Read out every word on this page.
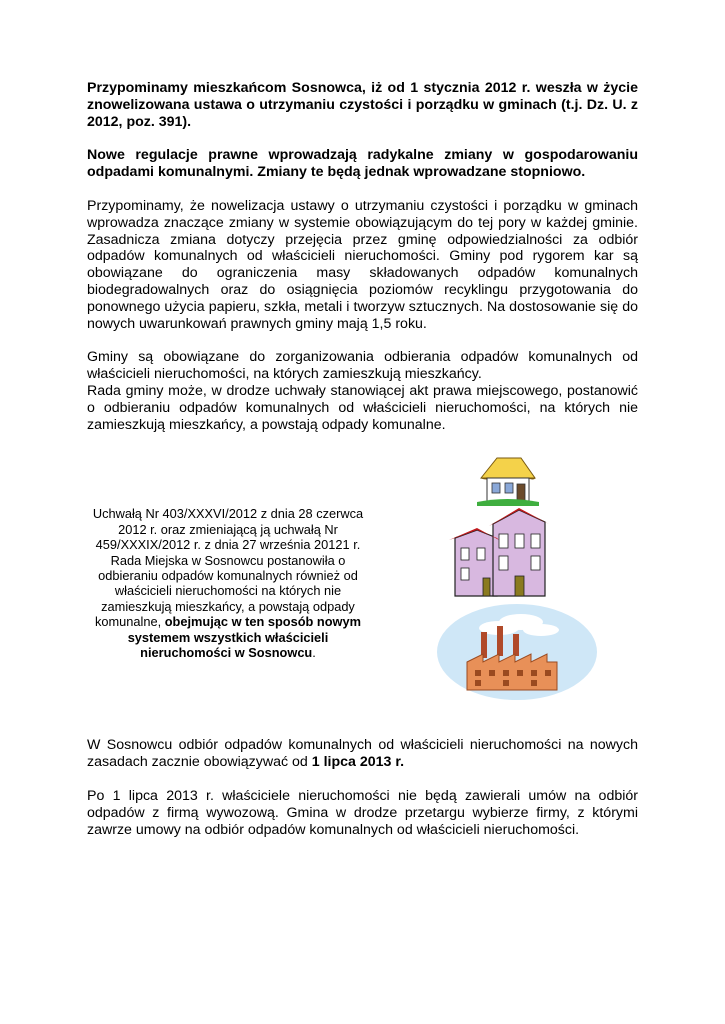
Przypominamy mieszkańcom Sosnowca, iż od 1 stycznia 2012 r. weszła w życie znowelizowana ustawa o utrzymaniu czystości i porządku w gminach (t.j. Dz. U. z 2012, poz. 391).

Nowe regulacje prawne wprowadzają radykalne zmiany w gospodarowaniu odpadami komunalnymi. Zmiany te będą jednak wprowadzane stopniowo.

Przypominamy, że nowelizacja ustawy o utrzymaniu czystości i porządku w gminach wprowadza znaczące zmiany w systemie obowiązującym do tej pory w każdej gminie. Zasadnicza zmiana dotyczy przejęcia przez gminę odpowiedzialności za odbiór odpadów komunalnych od właścicieli nieruchomości. Gminy pod rygorem kar są obowiązane do ograniczenia masy składowanych odpadów komunalnych biodegradowalnych oraz do osiągnięcia poziomów recyklingu przygotowania do ponownego użycia papieru, szkła, metali i tworzyw sztucznych. Na dostosowanie się do nowych uwarunkowań prawnych gminy mają 1,5 roku.

Gminy są obowiązane do zorganizowania odbierania odpadów komunalnych od właścicieli nieruchomości, na których zamieszkują mieszkańcy.

Rada gminy może, w drodze uchwały stanowiącej akt prawa miejscowego, postanowić o odbieraniu odpadów komunalnych od właścicieli nieruchomości, na których nie zamieszkują mieszkańcy, a powstają odpady komunalne.

Uchwałą Nr 403/XXXVI/2012 z dnia 28 czerwca 2012 r. oraz zmieniającą ją uchwałą Nr 459/XXXIX/2012 r. z dnia 27 września 20121 r. Rada Miejska w Sosnowcu postanowiła o odbieraniu odpadów komunalnych również od właścicieli nieruchomości na których nie zamieszkują mieszkańcy, a powstają odpady komunalne, obejmując w ten sposób nowym systemem wszystkich właścicieli nieruchomości w Sosnowcu.

W Sosnowcu odbiór odpadów komunalnych od właścicieli nieruchomości na nowych zasadach zacznie obowiązywać od 1 lipca 2013 r.

Po 1 lipca 2013 r. właściciele nieruchomości nie będą zawierali umów na odbiór odpadów z firmą wywozową. Gmina w drodze przetargu wybierze firmy, z którymi zawrze umowy na odbiór odpadów komunalnych od właścicieli nieruchomości.
